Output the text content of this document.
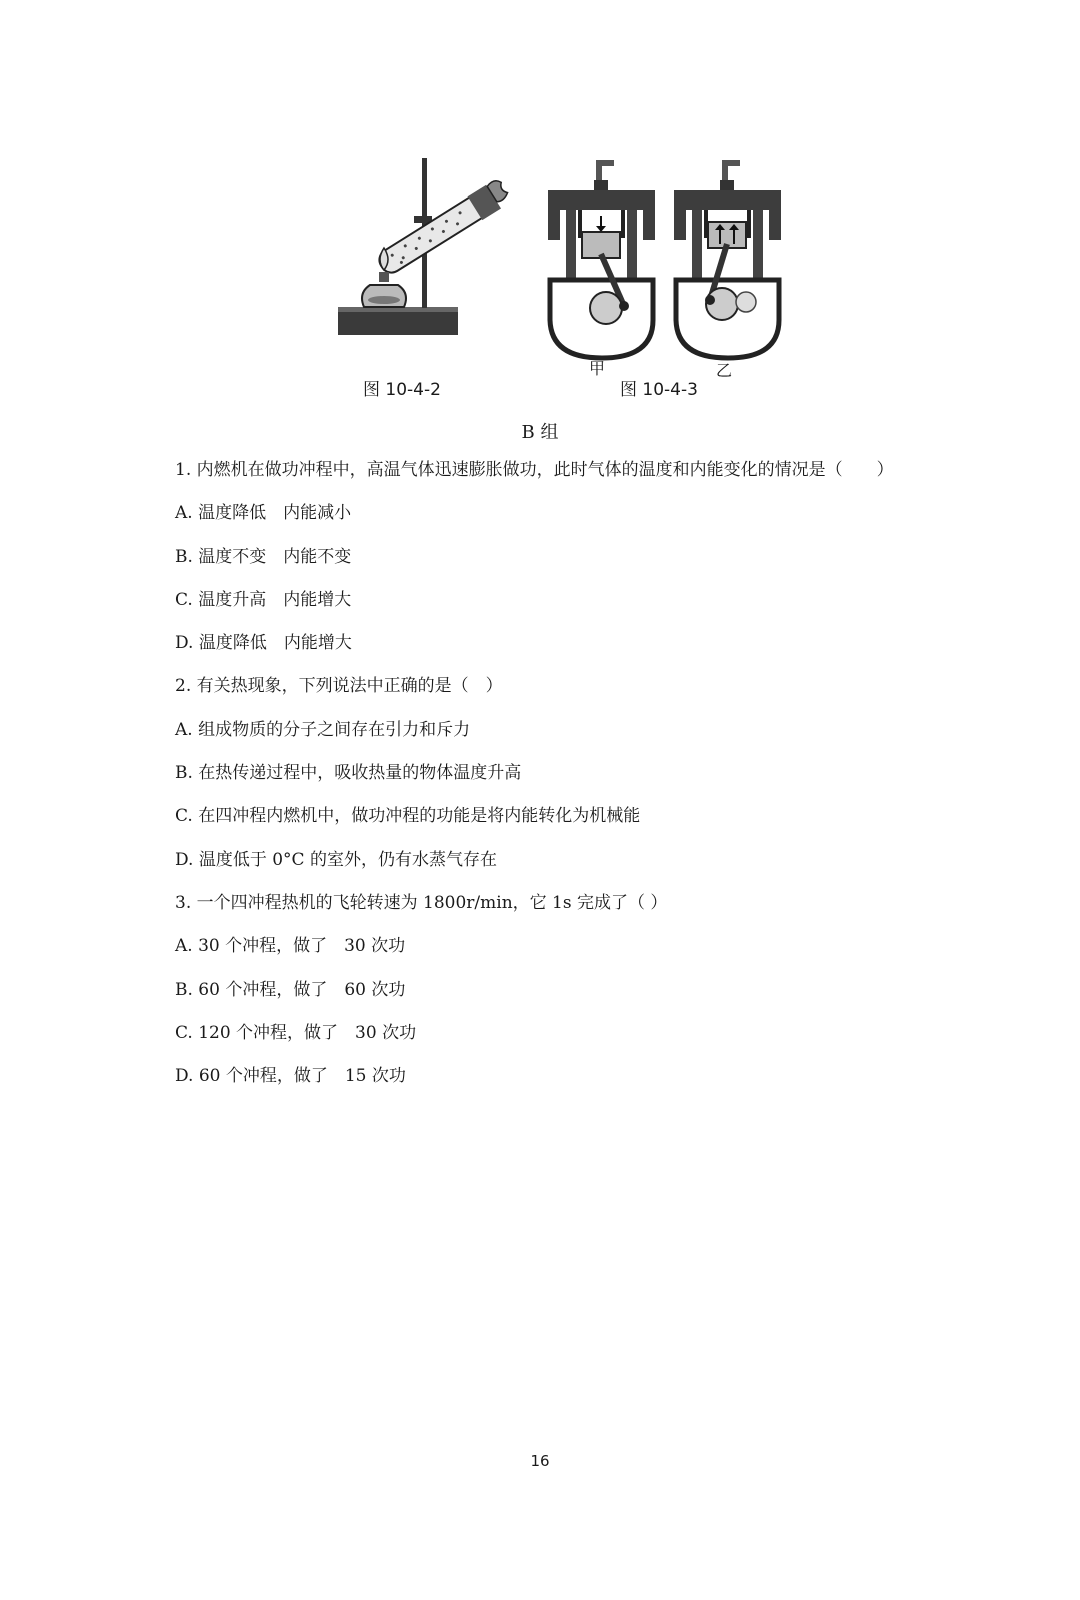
图 10-4-2
甲	乙
图 10-4-3
B 组
1. 内燃机在做功冲程中，高温气体迅速膨胀做功，此时气体的温度和内能变化的情况是（　　）
A. 温度降低　内能减小
B. 温度不变　内能不变
C. 温度升高　内能增大
D. 温度降低　内能增大
2. 有关热现象，下列说法中正确的是（　）
A. 组成物质的分子之间存在引力和斥力
B. 在热传递过程中，吸收热量的物体温度升高
C. 在四冲程内燃机中，做功冲程的功能是将内能转化为机械能
D. 温度低于 0°C 的室外，仍有水蒸气存在
3. 一个四冲程热机的飞轮转速为 1800r/min，它 1s 完成了（ ）
A. 30 个冲程，做了　30 次功
B. 60 个冲程，做了　60 次功
C. 120 个冲程，做了　30 次功
D. 60 个冲程，做了　15 次功
16
